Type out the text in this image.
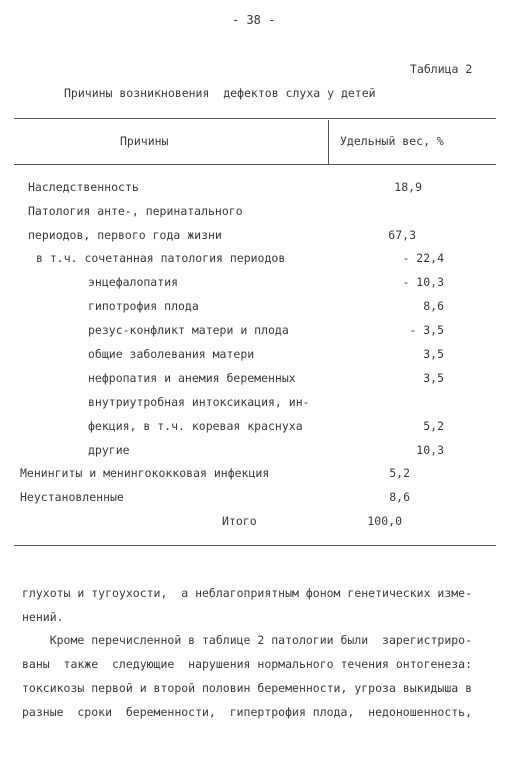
- 38 -
Таблица 2
Причины возникновения  дефектов слуха у детей
Причины	Удельный вес, %
Наследственность	18,9
Патология анте-, перинатального
периодов, первого года жизни	67,3
в т.ч. сочетанная патология периодов	- 22,4
энцефалопатия	- 10,3
гипотрофия плода	8,6
резус-конфликт матери и плода	- 3,5
общие заболевания матери	3,5
нефропатия и анемия беременных	3,5
внутриутробная интоксикация, ин-
фекция, в т.ч. коревая краснуха	5,2
другие	10,3
Менингиты и менингококковая инфекция	5,2
Неустановленные	8,6
Итого	100,0
глухоты и тугоухости,  а неблагоприятным фоном генетических изме-
нений.
Кроме перечисленной в таблице 2 патологии были  зарегистриро-
ваны  также  следующие  нарушения нормального течения онтогенеза:
токсикозы первой и второй половин беременности, угроза выкидыша в
разные  сроки  беременности,  гипертрофия плода,  недоношенность,
